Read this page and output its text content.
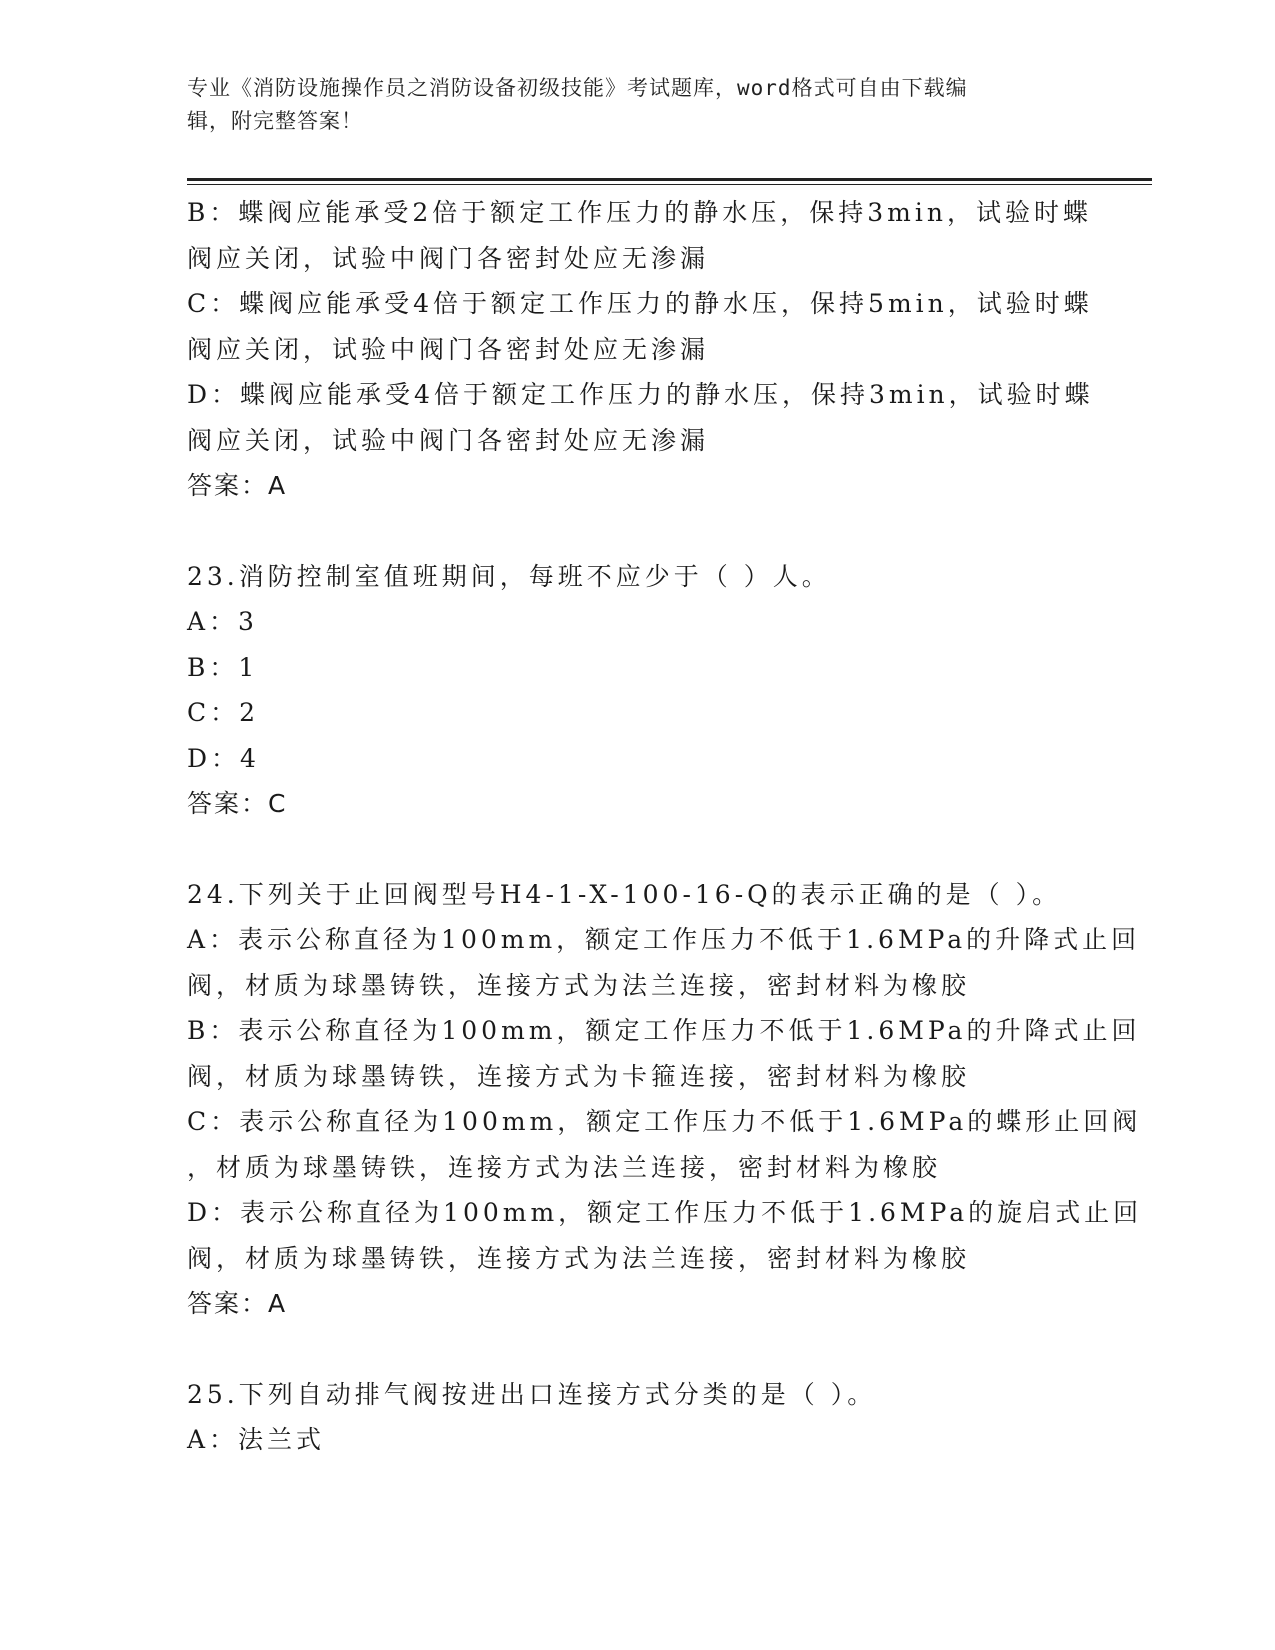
专业《消防设施操作员之消防设备初级技能》考试题库，word格式可自由下载编
辑，附完整答案！
B：蝶阀应能承受2倍于额定工作压力的静水压，保持3min，试验时蝶
阀应关闭，试验中阀门各密封处应无渗漏
C：蝶阀应能承受4倍于额定工作压力的静水压，保持5min，试验时蝶
阀应关闭，试验中阀门各密封处应无渗漏
D：蝶阀应能承受4倍于额定工作压力的静水压，保持3min，试验时蝶
阀应关闭，试验中阀门各密封处应无渗漏
答案：A
23.消防控制室值班期间，每班不应少于（ ）人。
A：3
B：1
C：2
D：4
答案：C
24.下列关于止回阀型号H4-1-X-100-16-Q的表示正确的是（ ）。
A：表示公称直径为100mm，额定工作压力不低于1.6MPa的升降式止回
阀，材质为球墨铸铁，连接方式为法兰连接，密封材料为橡胶
B：表示公称直径为100mm，额定工作压力不低于1.6MPa的升降式止回
阀，材质为球墨铸铁，连接方式为卡箍连接，密封材料为橡胶
C：表示公称直径为100mm，额定工作压力不低于1.6MPa的蝶形止回阀
，材质为球墨铸铁，连接方式为法兰连接，密封材料为橡胶
D：表示公称直径为100mm，额定工作压力不低于1.6MPa的旋启式止回
阀，材质为球墨铸铁，连接方式为法兰连接，密封材料为橡胶
答案：A
25.下列自动排气阀按进出口连接方式分类的是（ ）。
A：法兰式
